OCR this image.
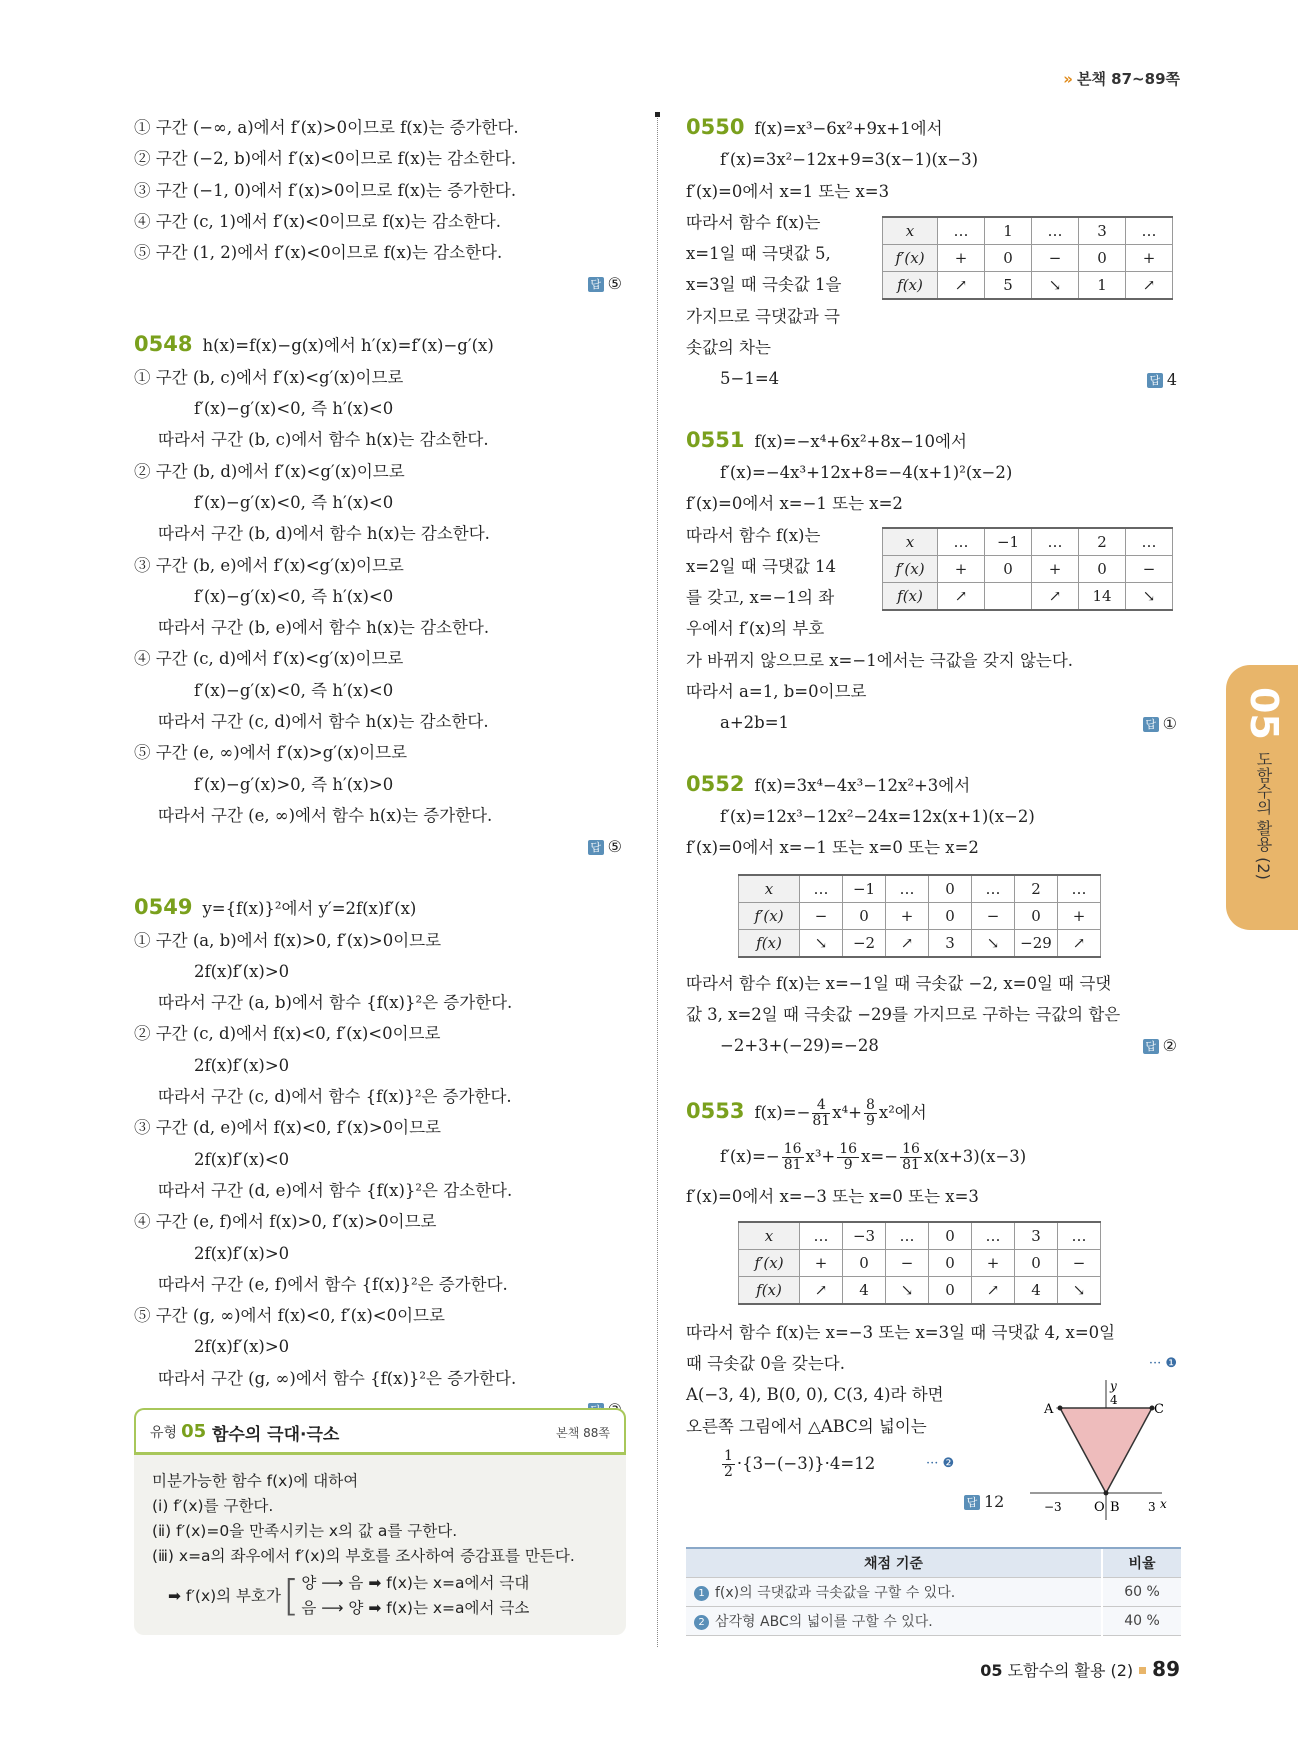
» 본책 87~89쪽
① 구간 (−∞, a)에서 f′(x)>0이므로 f(x)는 증가한다.
② 구간 (−2, b)에서 f′(x)<0이므로 f(x)는 감소한다.
③ 구간 (−1, 0)에서 f′(x)>0이므로 f(x)는 증가한다.
④ 구간 (c, 1)에서 f′(x)<0이므로 f(x)는 감소한다.
⑤ 구간 (1, 2)에서 f′(x)<0이므로 f(x)는 감소한다.
답 ⑤
0548 h(x)=f(x)−g(x)에서 h′(x)=f′(x)−g′(x)
① 구간 (b, c)에서 f′(x)<g′(x)이므로
f′(x)−g′(x)<0, 즉 h′(x)<0
따라서 구간 (b, c)에서 함수 h(x)는 감소한다.
② 구간 (b, d)에서 f′(x)<g′(x)이므로
f′(x)−g′(x)<0, 즉 h′(x)<0
따라서 구간 (b, d)에서 함수 h(x)는 감소한다.
③ 구간 (b, e)에서 f′(x)<g′(x)이므로
f′(x)−g′(x)<0, 즉 h′(x)<0
따라서 구간 (b, e)에서 함수 h(x)는 감소한다.
④ 구간 (c, d)에서 f′(x)<g′(x)이므로
f′(x)−g′(x)<0, 즉 h′(x)<0
따라서 구간 (c, d)에서 함수 h(x)는 감소한다.
⑤ 구간 (e, ∞)에서 f′(x)>g′(x)이므로
f′(x)−g′(x)>0, 즉 h′(x)>0
따라서 구간 (e, ∞)에서 함수 h(x)는 증가한다.
답 ⑤
0549 y={f(x)}²에서 y′=2f(x)f′(x)
① 구간 (a, b)에서 f(x)>0, f′(x)>0이므로
2f(x)f′(x)>0
따라서 구간 (a, b)에서 함수 {f(x)}²은 증가한다.
② 구간 (c, d)에서 f(x)<0, f′(x)<0이므로
2f(x)f′(x)>0
따라서 구간 (c, d)에서 함수 {f(x)}²은 증가한다.
③ 구간 (d, e)에서 f(x)<0, f′(x)>0이므로
2f(x)f′(x)<0
따라서 구간 (d, e)에서 함수 {f(x)}²은 감소한다.
④ 구간 (e, f)에서 f(x)>0, f′(x)>0이므로
2f(x)f′(x)>0
따라서 구간 (e, f)에서 함수 {f(x)}²은 증가한다.
⑤ 구간 (g, ∞)에서 f(x)<0, f′(x)<0이므로
2f(x)f′(x)>0
따라서 구간 (g, ∞)에서 함수 {f(x)}²은 증가한다.
유형 05 함수의 극대·극소	본책 88쪽
미분가능한 함수 f(x)에 대하여
(ⅰ) f′(x)를 구한다.
(ⅱ) f′(x)=0을 만족시키는 x의 값 a를 구한다.
(ⅲ) x=a의 좌우에서 f′(x)의 부호를 조사하여 증감표를 만든다.
➡ f′(x)의 부호가 [ 양 ⟶ 음 ➡ f(x)는 x=a에서 극대
음 ⟶ 양 ➡ f(x)는 x=a에서 극소
0550 f(x)=x³−6x²+9x+1에서
f′(x)=3x²−12x+9=3(x−1)(x−3)
f′(x)=0에서 x=1 또는 x=3
따라서 함수 f(x)는
x=1일 때 극댓값 5,
x=3일 때 극솟값 1을
가지므로 극댓값과 극
솟값의 차는
5−1=4	답 4
x	…	1	…	3	…
f′(x)	+	0	−	0	+
f(x)	↗	5	↘	1	↗
0551 f(x)=−x⁴+6x²+8x−10에서
f′(x)=−4x³+12x+8=−4(x+1)²(x−2)
f′(x)=0에서 x=−1 또는 x=2
따라서 함수 f(x)는
x=2일 때 극댓값 14
를 갖고, x=−1의 좌
우에서 f′(x)의 부호
가 바뀌지 않으므로 x=−1에서는 극값을 갖지 않는다.
따라서 a=1, b=0이므로
a+2b=1	답 ①
x	…	−1	…	2	…
f′(x)	+	0	+	0	−
f(x)	↗		↗	14	↘
0552 f(x)=3x⁴−4x³−12x²+3에서
f′(x)=12x³−12x²−24x=12x(x+1)(x−2)
f′(x)=0에서 x=−1 또는 x=0 또는 x=2
x	…	−1	…	0	…	2	…
f′(x)	−	0	+	0	−	0	+
f(x)	↘	−2	↗	3	↘	−29	↗
따라서 함수 f(x)는 x=−1일 때 극솟값 −2, x=0일 때 극댓
값 3, x=2일 때 극솟값 −29를 가지므로 구하는 극값의 합은
−2+3+(−29)=−28	답 ②
0553 $f(x)=- \frac{4}{81} x^4+ \frac{8}{9} x^2$에서
$f'(x)=- \frac{16}{81} x^3+ \frac{16}{9} x=- \frac{16}{81} x(x+3)(x-3)$
f′(x)=0에서 x=−3 또는 x=0 또는 x=3
x	…	−3	…	0	…	3	…
f′(x)	+	0	−	0	+	0	−
f(x)	↗	4	↘	0	↗	4	↘
따라서 함수 f(x)는 x=−3 또는 x=3일 때 극댓값 4, x=0일
때 극솟값 0을 갖는다.	··· ❶
A(−3, 4), B(0, 0), C(3, 4)라 하면
오른쪽 그림에서 △ABC의 넓이는
$\frac{1}{2} \cdot\{3-(-3)\}\cdot 4=12$	··· ❷
답 12
A	C
B
O
4
−3	3 x
y
채점 기준	비율
1 f(x)의 극댓값과 극솟값을 구할 수 있다.	60 %
2 삼각형 ABC의 넓이를 구할 수 있다.	40 %
05
도함수의 활용 (2)
05 도함수의 활용 (2) 89
